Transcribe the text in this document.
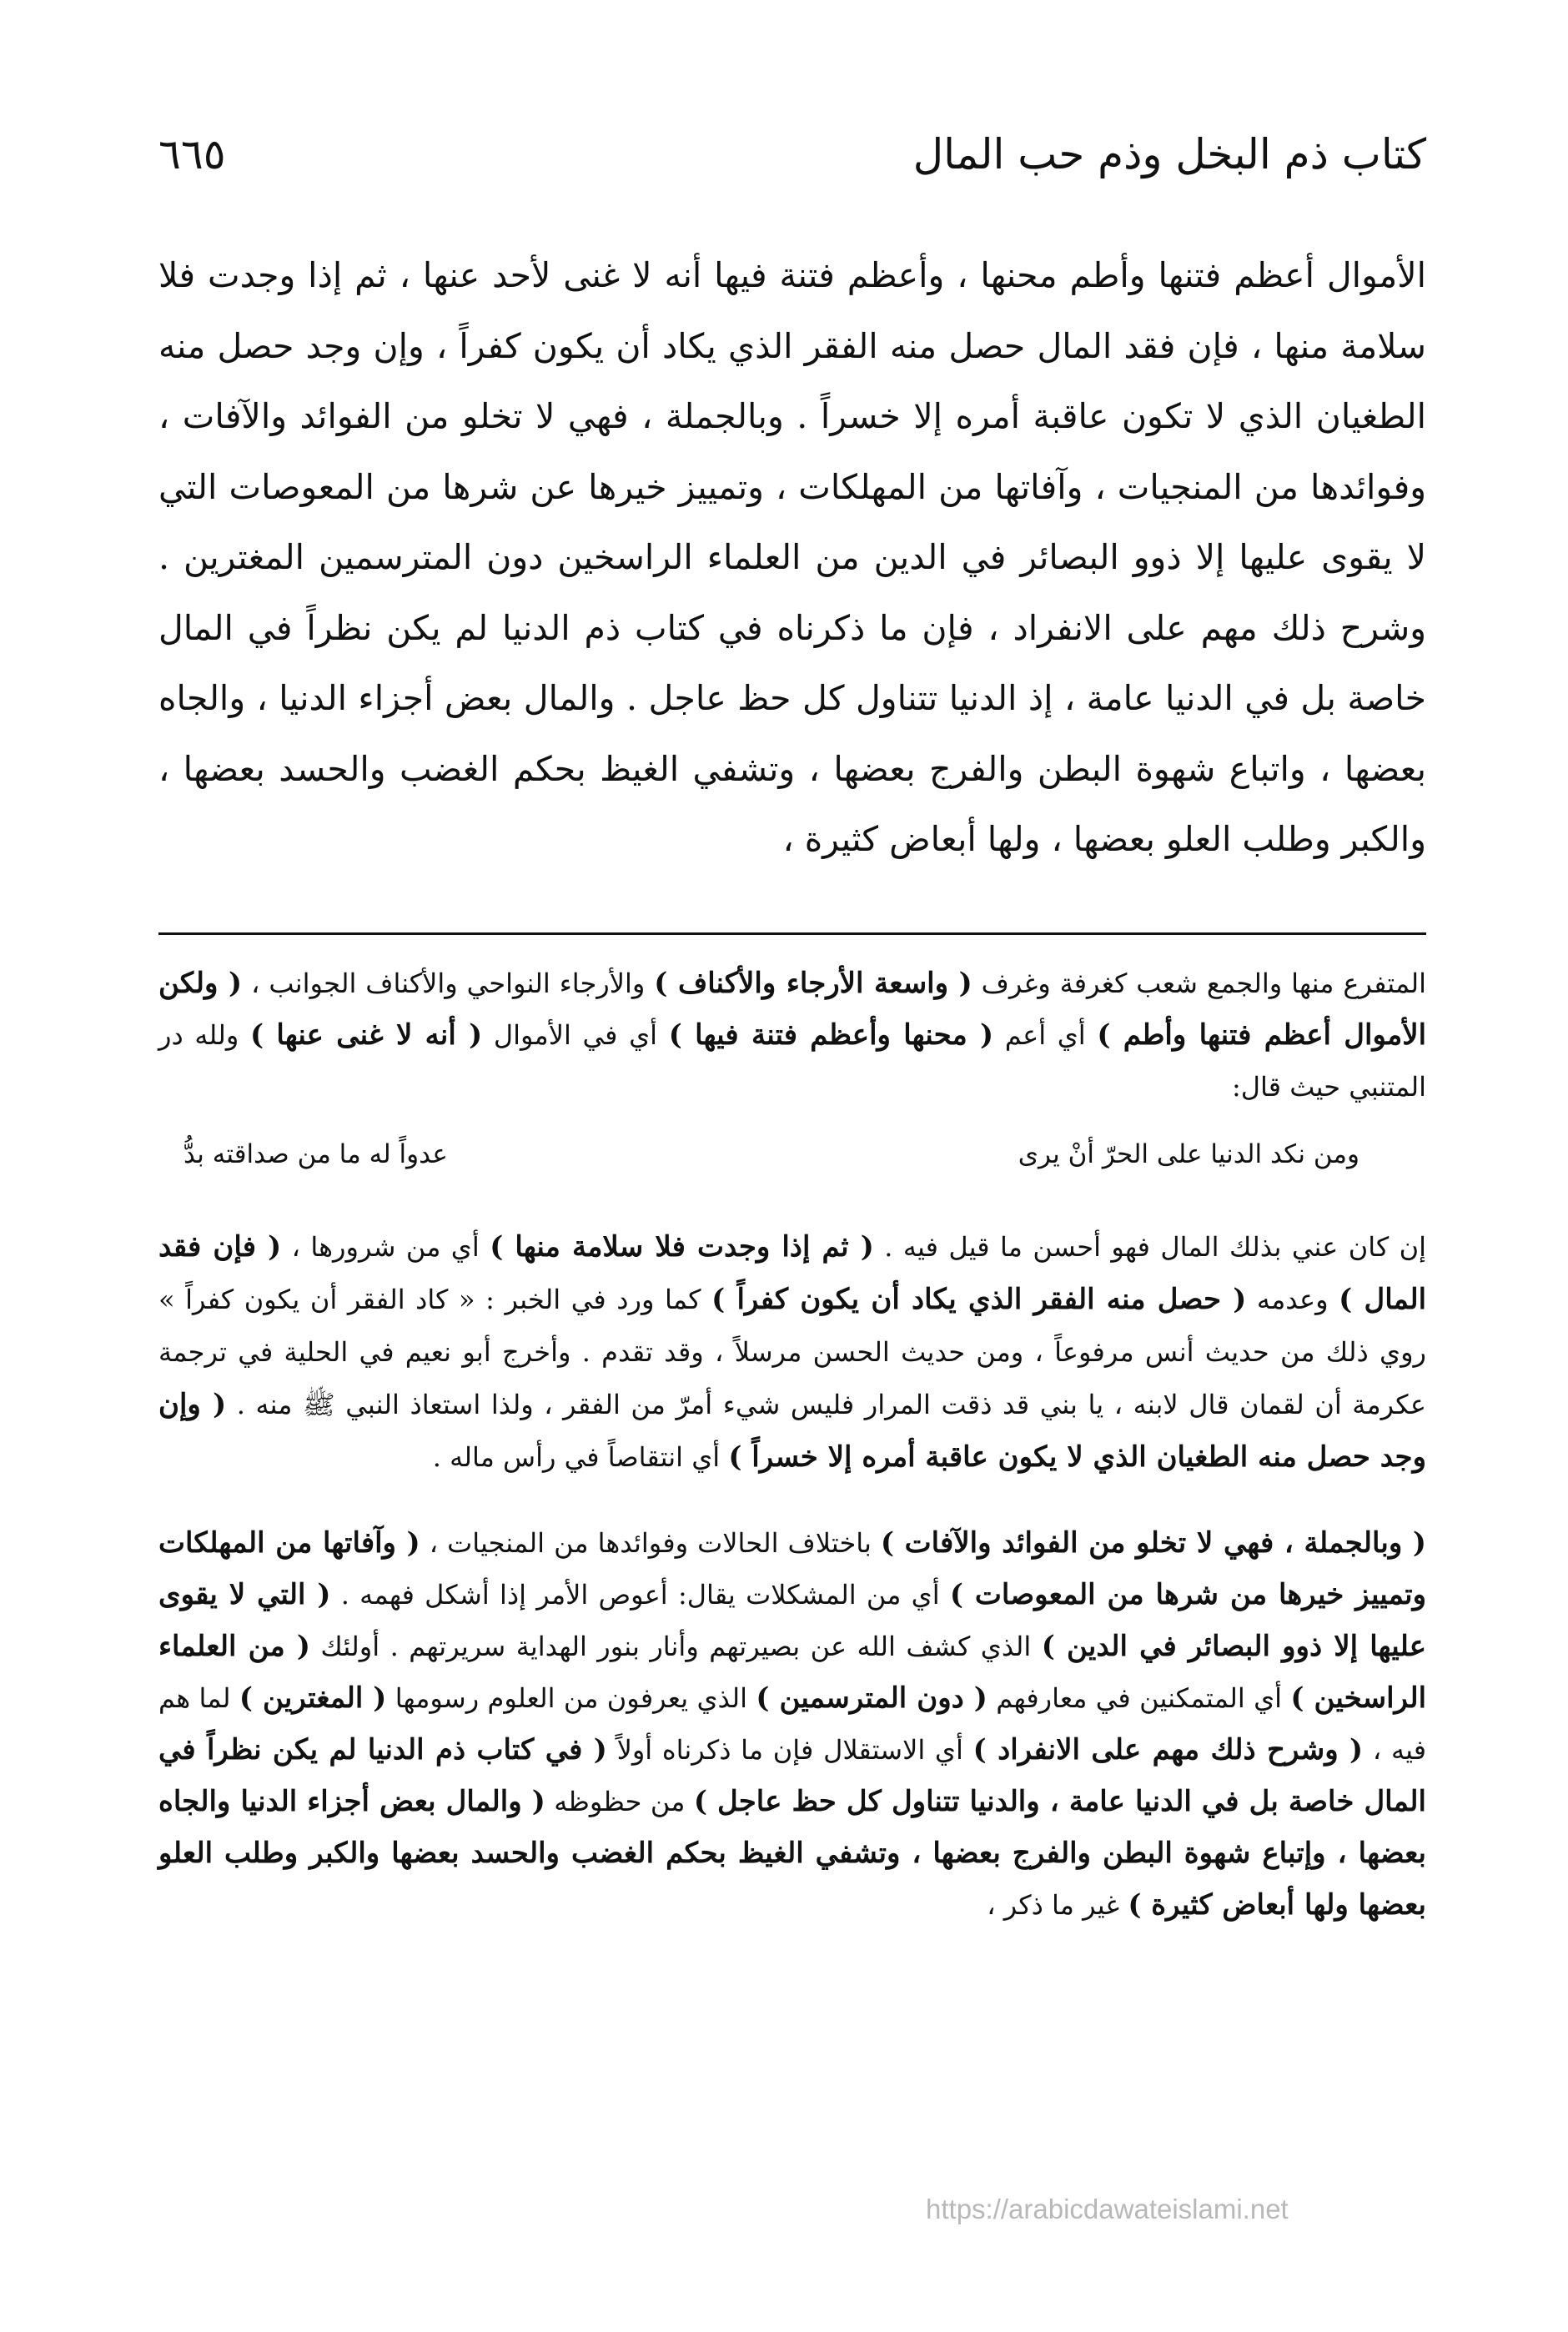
كتاب ذم البخل وذم حب المال
٦٦٥
الأموال أعظم فتنها وأطم محنها ، وأعظم فتنة فيها أنه لا غنى لأحد عنها ، ثم إذا وجدت فلا سلامة منها ، فإن فقد المال حصل منه الفقر الذي يكاد أن يكون كفراً ، وإن وجد حصل منه الطغيان الذي لا تكون عاقبة أمره إلا خسراً . وبالجملة ، فهي لا تخلو من الفوائد والآفات ، وفوائدها من المنجيات ، وآفاتها من المهلكات ، وتمييز خيرها عن شرها من المعوصات التي لا يقوى عليها إلا ذوو البصائر في الدين من العلماء الراسخين دون المترسمين المغترين . وشرح ذلك مهم على الانفراد ، فإن ما ذكرناه في كتاب ذم الدنيا لم يكن نظراً في المال خاصة بل في الدنيا عامة ، إذ الدنيا تتناول كل حظ عاجل . والمال بعض أجزاء الدنيا ، والجاه بعضها ، واتباع شهوة البطن والفرج بعضها ، وتشفي الغيظ بحكم الغضب والحسد بعضها ، والكبر وطلب العلو بعضها ، ولها أبعاض كثيرة ،

المتفرع منها والجمع شعب كغرفة وغرف ( واسعة الأرجاء والأكناف ) والأرجاء النواحي والأكناف الجوانب ، ( ولكن الأموال أعظم فتنها وأطم ) أي أعم ( محنها وأعظم فتنة فيها ) أي في الأموال ( أنه لا غنى عنها ) ولله در المتنبي حيث قال:

ومن نكد الدنيا على الحرّ أنْ يرى
عدواً له ما من صداقته بدُّ

إن كان عني بذلك المال فهو أحسن ما قيل فيه . ( ثم إذا وجدت فلا سلامة منها ) أي من شرورها ، ( فإن فقد المال ) وعدمه ( حصل منه الفقر الذي يكاد أن يكون كفراً ) كما ورد في الخبر : « كاد الفقر أن يكون كفراً » روي ذلك من حديث أنس مرفوعاً ، ومن حديث الحسن مرسلاً ، وقد تقدم . وأخرج أبو نعيم في الحلية في ترجمة عكرمة أن لقمان قال لابنه ، يا بني قد ذقت المرار فليس شيء أمرّ من الفقر ، ولذا استعاذ النبي ﷺ منه . ( وإن وجد حصل منه الطغيان الذي لا يكون عاقبة أمره إلا خسراً ) أي انتقاصاً في رأس ماله .

( وبالجملة ، فهي لا تخلو من الفوائد والآفات ) باختلاف الحالات وفوائدها من المنجيات ، ( وآفاتها من المهلكات وتمييز خيرها من شرها من المعوصات ) أي من المشكلات يقال: أعوص الأمر إذا أشكل فهمه . ( التي لا يقوى عليها إلا ذوو البصائر في الدين ) الذي كشف الله عن بصيرتهم وأنار بنور الهداية سريرتهم . أولئك ( من العلماء الراسخين ) أي المتمكنين في معارفهم ( دون المترسمين ) الذي يعرفون من العلوم رسومها ( المغترين ) لما هم فيه ، ( وشرح ذلك مهم على الانفراد ) أي الاستقلال فإن ما ذكرناه أولاً ( في كتاب ذم الدنيا لم يكن نظراً في المال خاصة بل في الدنيا عامة ، والدنيا تتناول كل حظ عاجل ) من حظوظه ( والمال بعض أجزاء الدنيا والجاه بعضها ، وإتباع شهوة البطن والفرج بعضها ، وتشفي الغيظ بحكم الغضب والحسد بعضها والكبر وطلب العلو بعضها ولها أبعاض كثيرة ) غير ما ذكر ،

https://arabicdawateislami.net
